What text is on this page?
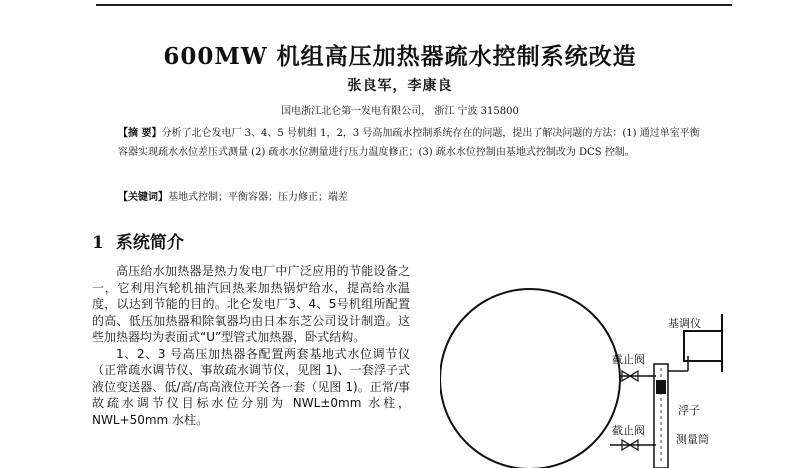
600MW 机组高压加热器疏水控制系统改造
张良军，李康良
国电浙江北仑第一发电有限公司， 浙江 宁波 315800
【摘 要】分析了北仑发电厂 3、4、5 号机组 1，2，3 号高加疏水控制系统存在的问题，提出了解决问题的方法：(1) 通过单室平衡容器实现疏水水位差压式测量 (2) 疏水水位测量进行压力温度修正；(3) 疏水水位控制由基地式控制改为 DCS 控制。
【关键词】基地式控制；平衡容器；压力修正；端差
1 系统简介

高压给水加热器是热力发电厂中广泛应用的节能设备之一，它利用汽轮机抽汽回热来加热锅炉给水，提高给水温度，以达到节能的目的。北仑发电厂3、4、5号机组所配置的高、低压加热器和除氧器均由日本东芝公司设计制造。这些加热器均为表面式“U”型管式加热器，卧式结构。

1、2、3 号高压加热器各配置两套基地式水位调节仪（正常疏水调节仪、事故疏水调节仪，见图 1)、一套浮子式液位变送器、低/高/高高液位开关各一套（见图 1)。正常/事故疏水调节仪目标水位分别为 NWL±0mm 水柱，NWL+50mm 水柱。

基调仪
截止阀
截止阀
浮子
测量筒
